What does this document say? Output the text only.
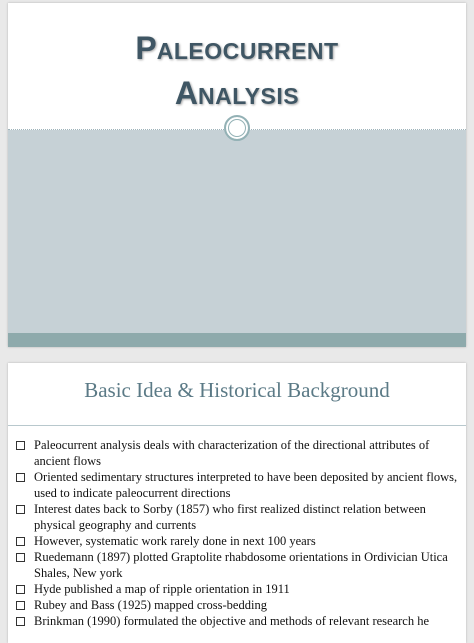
PALEOCURRENT
ANALYSIS
Basic Idea & Historical Background
Paleocurrent analysis deals with characterization of the directional attributes of ancient flows
Oriented sedimentary structures interpreted to have been deposited by ancient flows, used to indicate paleocurrent directions
Interest dates back to Sorby (1857) who first realized distinct relation between physical geography and currents
However, systematic work rarely done in next 100 years
Ruedemann (1897) plotted Graptolite rhabdosome orientations in Ordivician Utica Shales, New york
Hyde published a map of ripple orientation in 1911
Rubey and Bass (1925) mapped cross-bedding
Brinkman (1990) formulated the objective and methods of relevant research he
